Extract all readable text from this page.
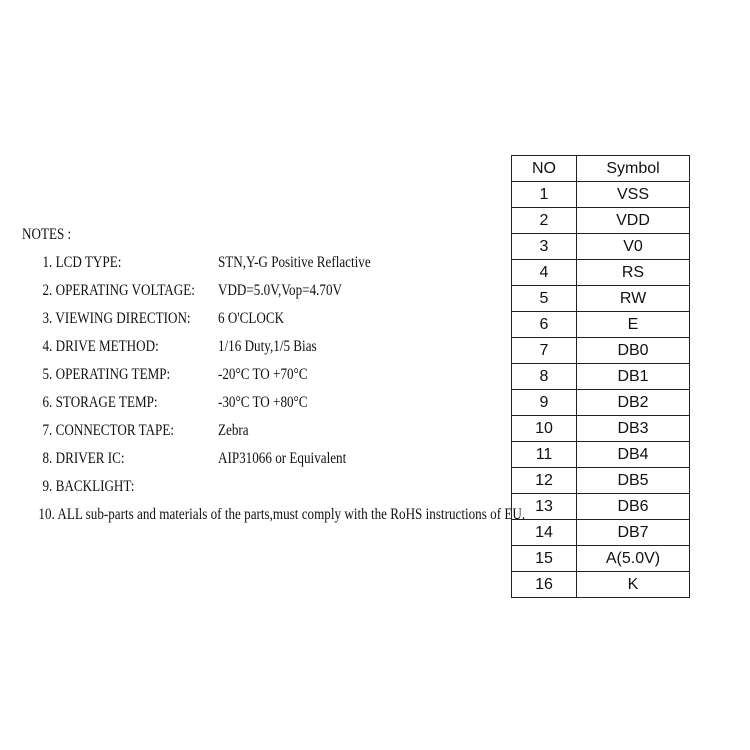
NOTES :
1. LCD TYPE:	STN,Y-G Positive Reflactive
2. OPERATING VOLTAGE: VDD=5.0V,Vop=4.70V
3. VIEWING DIRECTION: 6 O'CLOCK
4. DRIVE METHOD:	1/16 Duty,1/5 Bias
5. OPERATING TEMP:	-20°C TO +70°C
6. STORAGE TEMP:	-30°C TO +80°C
7. CONNECTOR TAPE:	Zebra
8. DRIVER IC:	AIP31066 or Equivalent
9. BACKLIGHT:
10. ALL sub-parts and materials of the parts,must comply with the RoHS instructions of EU.
NO	Symbol
1	VSS
2	VDD
3	V0
4	RS
5	RW
6	E
7	DB0
8	DB1
9	DB2
10	DB3
11	DB4
12	DB5
13	DB6
14	DB7
15	A(5.0V)
16	K
